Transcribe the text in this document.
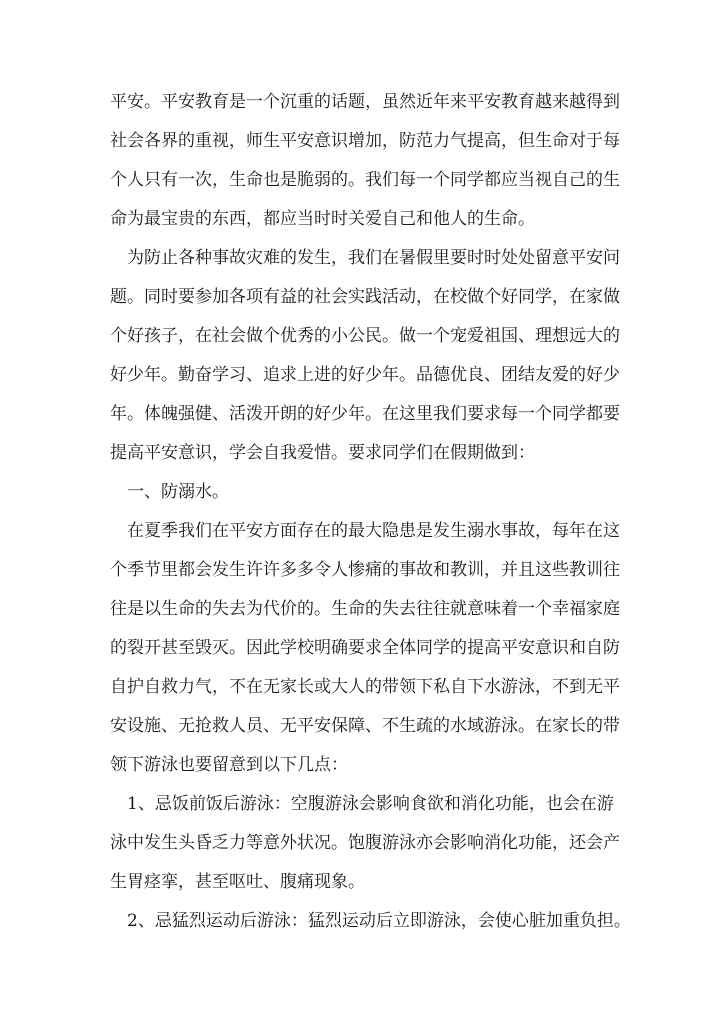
平安。平安教育是一个沉重的话题，虽然近年来平安教育越来越得到
社会各界的重视，师生平安意识增加，防范力气提高，但生命对于每
个人只有一次，生命也是脆弱的。我们每一个同学都应当视自己的生
命为最宝贵的东西，都应当时时关爱自己和他人的生命。
为防止各种事故灾难的发生，我们在暑假里要时时处处留意平安问
题。同时要参加各项有益的社会实践活动，在校做个好同学，在家做
个好孩子，在社会做个优秀的小公民。做一个宠爱祖国、理想远大的
好少年。勤奋学习、追求上进的好少年。品德优良、团结友爱的好少
年。体魄强健、活泼开朗的好少年。在这里我们要求每一个同学都要
提高平安意识，学会自我爱惜。要求同学们在假期做到：
一、防溺水。
在夏季我们在平安方面存在的最大隐患是发生溺水事故，每年在这
个季节里都会发生许许多多令人惨痛的事故和教训，并且这些教训往
往是以生命的失去为代价的。生命的失去往往就意味着一个幸福家庭
的裂开甚至毁灭。因此学校明确要求全体同学的提高平安意识和自防
自护自救力气，不在无家长或大人的带领下私自下水游泳，不到无平
安设施、无抢救人员、无平安保障、不生疏的水域游泳。在家长的带
领下游泳也要留意到以下几点：
1、忌饭前饭后游泳：空腹游泳会影响食欲和消化功能，也会在游
泳中发生头昏乏力等意外状况。饱腹游泳亦会影响消化功能，还会产
生胃痉挛，甚至呕吐、腹痛现象。
2、忌猛烈运动后游泳：猛烈运动后立即游泳，会使心脏加重负担。
